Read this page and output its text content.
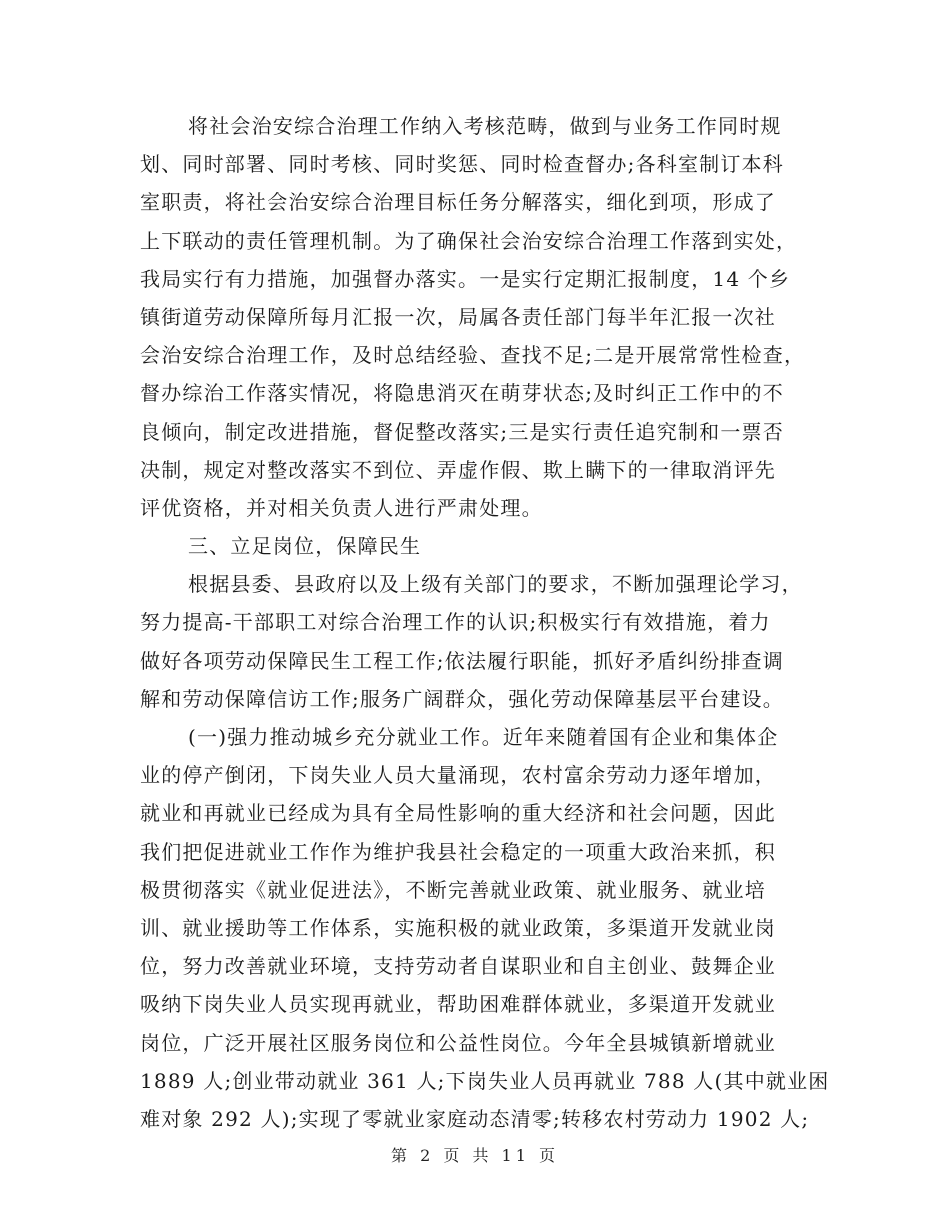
将社会治安综合治理工作纳入考核范畴，做到与业务工作同时规
划、同时部署、同时考核、同时奖惩、同时检查督办;各科室制订本科
室职责，将社会治安综合治理目标任务分解落实，细化到项，形成了
上下联动的责任管理机制。为了确保社会治安综合治理工作落到实处，
我局实行有力措施，加强督办落实。一是实行定期汇报制度，14 个乡
镇街道劳动保障所每月汇报一次，局属各责任部门每半年汇报一次社
会治安综合治理工作，及时总结经验、查找不足;二是开展常常性检查，
督办综治工作落实情况，将隐患消灭在萌芽状态;及时纠正工作中的不
良倾向，制定改进措施，督促整改落实;三是实行责任追究制和一票否
决制，规定对整改落实不到位、弄虚作假、欺上瞒下的一律取消评先
评优资格，并对相关负责人进行严肃处理。
三、立足岗位，保障民生
根据县委、县政府以及上级有关部门的要求，不断加强理论学习，
努力提高-干部职工对综合治理工作的认识;积极实行有效措施，着力
做好各项劳动保障民生工程工作;依法履行职能，抓好矛盾纠纷排查调
解和劳动保障信访工作;服务广阔群众，强化劳动保障基层平台建设。
(一)强力推动城乡充分就业工作。近年来随着国有企业和集体企
业的停产倒闭，下岗失业人员大量涌现，农村富余劳动力逐年增加，
就业和再就业已经成为具有全局性影响的重大经济和社会问题，因此
我们把促进就业工作作为维护我县社会稳定的一项重大政治来抓，积
极贯彻落实《就业促进法》，不断完善就业政策、就业服务、就业培
训、就业援助等工作体系，实施积极的就业政策，多渠道开发就业岗
位，努力改善就业环境，支持劳动者自谋职业和自主创业、鼓舞企业
吸纳下岗失业人员实现再就业，帮助困难群体就业，多渠道开发就业
岗位，广泛开展社区服务岗位和公益性岗位。今年全县城镇新增就业
1889 人;创业带动就业 361 人;下岗失业人员再就业 788 人(其中就业困
难对象 292 人);实现了零就业家庭动态清零;转移农村劳动力 1902 人;
第 2 页 共 11 页
